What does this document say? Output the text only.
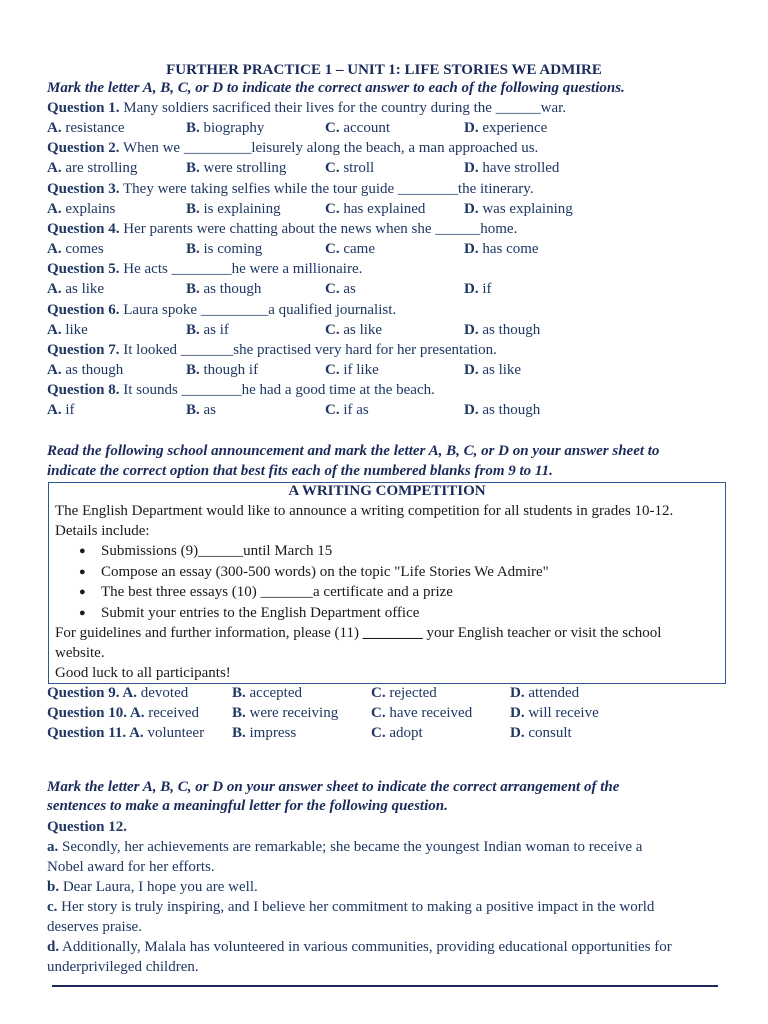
FURTHER PRACTICE 1 – UNIT 1: LIFE STORIES WE ADMIRE
Mark the letter A, B, C, or D to indicate the correct answer to each of the following questions.
Question 1. Many soldiers sacrificed their lives for the country during the ______war.
A. resistance	B. biography	C. account	D. experience
Question 2. When we _________leisurely along the beach, a man approached us.
A. are strolling	B. were strolling	C. stroll	D. have strolled
Question 3. They were taking selfies while the tour guide ________the itinerary.
A. explains	B. is explaining	C. has explained	D. was explaining
Question 4. Her parents were chatting about the news when she ______home.
A. comes	B. is coming	C. came	D. has come
Question 5. He acts ________he were a millionaire.
A. as like	B. as though	C. as	D. if
Question 6. Laura spoke _________a qualified journalist.
A. like	B. as if	C. as like	D. as though
Question 7. It looked _______she practised very hard for her presentation.
A. as though	B. though if	C. if like	D. as like
Question 8. It sounds ________he had a good time at the beach.
A. if	B. as	C. if as	D. as though
Read the following school announcement and mark the letter A, B, C, or D on your answer sheet to
indicate the correct option that best fits each of the numbered blanks from 9 to 11.
A WRITING COMPETITION
The English Department would like to announce a writing competition for all students in grades 10-12.
Details include:
● Submissions (9)______until March 15
● Compose an essay (300-500 words) on the topic "Life Stories We Admire"
● The best three essays (10) _______a certificate and a prize
● Submit your entries to the English Department office
For guidelines and further information, please (11) ________ your English teacher or visit the school
website.
Good luck to all participants!
Question 9. A. devoted	B. accepted	C. rejected	D. attended
Question 10. A. received B. were receiving C. have received	D. will receive
Question 11. A. volunteer B. impress	C. adopt	D. consult
Mark the letter A, B, C, or D on your answer sheet to indicate the correct arrangement of the
sentences to make a meaningful letter for the following question.
Question 12.
a. Secondly, her achievements are remarkable; she became the youngest Indian woman to receive a
Nobel award for her efforts.
b. Dear Laura, I hope you are well.
c. Her story is truly inspiring, and I believe her commitment to making a positive impact in the world
deserves praise.
d. Additionally, Malala has volunteered in various communities, providing educational opportunities for
underprivileged children.
